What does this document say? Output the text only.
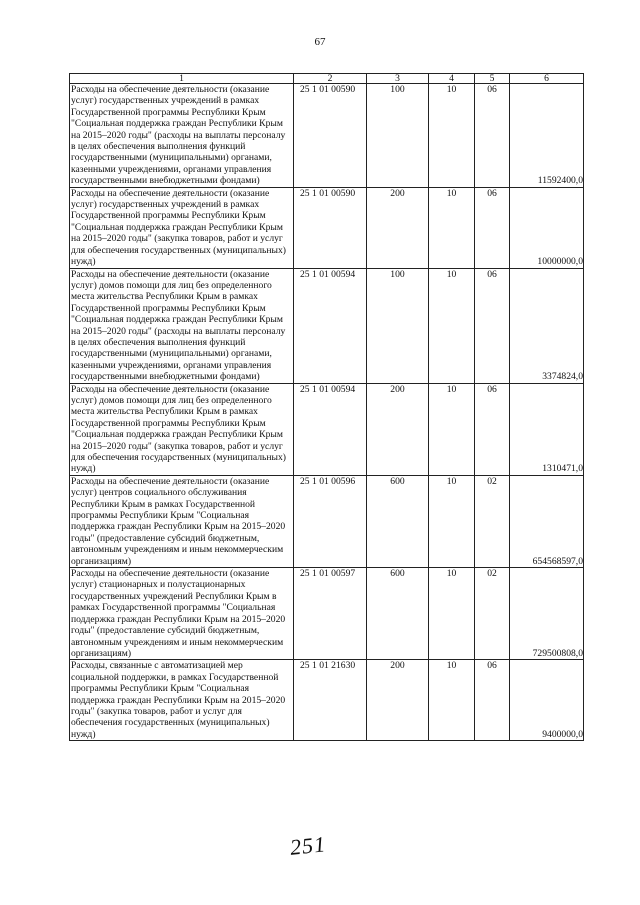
67
1	2	3	4	5	6
Расходы на обеспечение деятельности (оказание услуг) государственных учреждений в рамках Государственной программы Республики Крым "Социальная поддержка граждан Республики Крым на 2015–2020 годы" (расходы на выплаты персоналу в целях обеспечения выполнения функций государственными (муниципальными) органами, казенными учреждениями, органами управления государственными внебюджетными фондами)	25 1 01 00590	100	10	06	11592400,0
Расходы на обеспечение деятельности (оказание услуг) государственных учреждений в рамках Государственной программы Республики Крым "Социальная поддержка граждан Республики Крым на 2015–2020 годы" (закупка товаров, работ и услуг для обеспечения государственных (муниципальных) нужд)	25 1 01 00590	200	10	06	10000000,0
Расходы на обеспечение деятельности (оказание услуг) домов помощи для лиц без определенного места жительства Республики Крым в рамках Государственной программы Республики Крым "Социальная поддержка граждан Республики Крым на 2015–2020 годы" (расходы на выплаты персоналу в целях обеспечения выполнения функций государственными (муниципальными) органами, казенными учреждениями, органами управления государственными внебюджетными фондами)	25 1 01 00594	100	10	06	3374824,0
Расходы на обеспечение деятельности (оказание услуг) домов помощи для лиц без определенного места жительства Республики Крым в рамках Государственной программы Республики Крым "Социальная поддержка граждан Республики Крым на 2015–2020 годы" (закупка товаров, работ и услуг для обеспечения государственных (муниципальных) нужд)	25 1 01 00594	200	10	06	1310471,0
Расходы на обеспечение деятельности (оказание услуг) центров социального обслуживания Республики Крым в рамках Государственной программы Республики Крым "Социальная поддержка граждан Республики Крым на 2015–2020 годы" (предоставление субсидий бюджетным, автономным учреждениям и иным некоммерческим организациям)	25 1 01 00596	600	10	02	654568597,0
Расходы на обеспечение деятельности (оказание услуг) стационарных и полустационарных государственных учреждений Республики Крым в рамках Государственной программы "Социальная поддержка граждан Республики Крым на 2015–2020 годы" (предоставление субсидий бюджетным, автономным учреждениям и иным некоммерческим организациям)	25 1 01 00597	600	10	02	729500808,0
Расходы, связанные с автоматизацией мер социальной поддержки, в рамках Государственной программы Республики Крым "Социальная поддержка граждан Республики Крым на 2015–2020 годы" (закупка товаров, работ и услуг для обеспечения государственных (муниципальных) нужд)	25 1 01 21630	200	10	06	9400000,0
251
